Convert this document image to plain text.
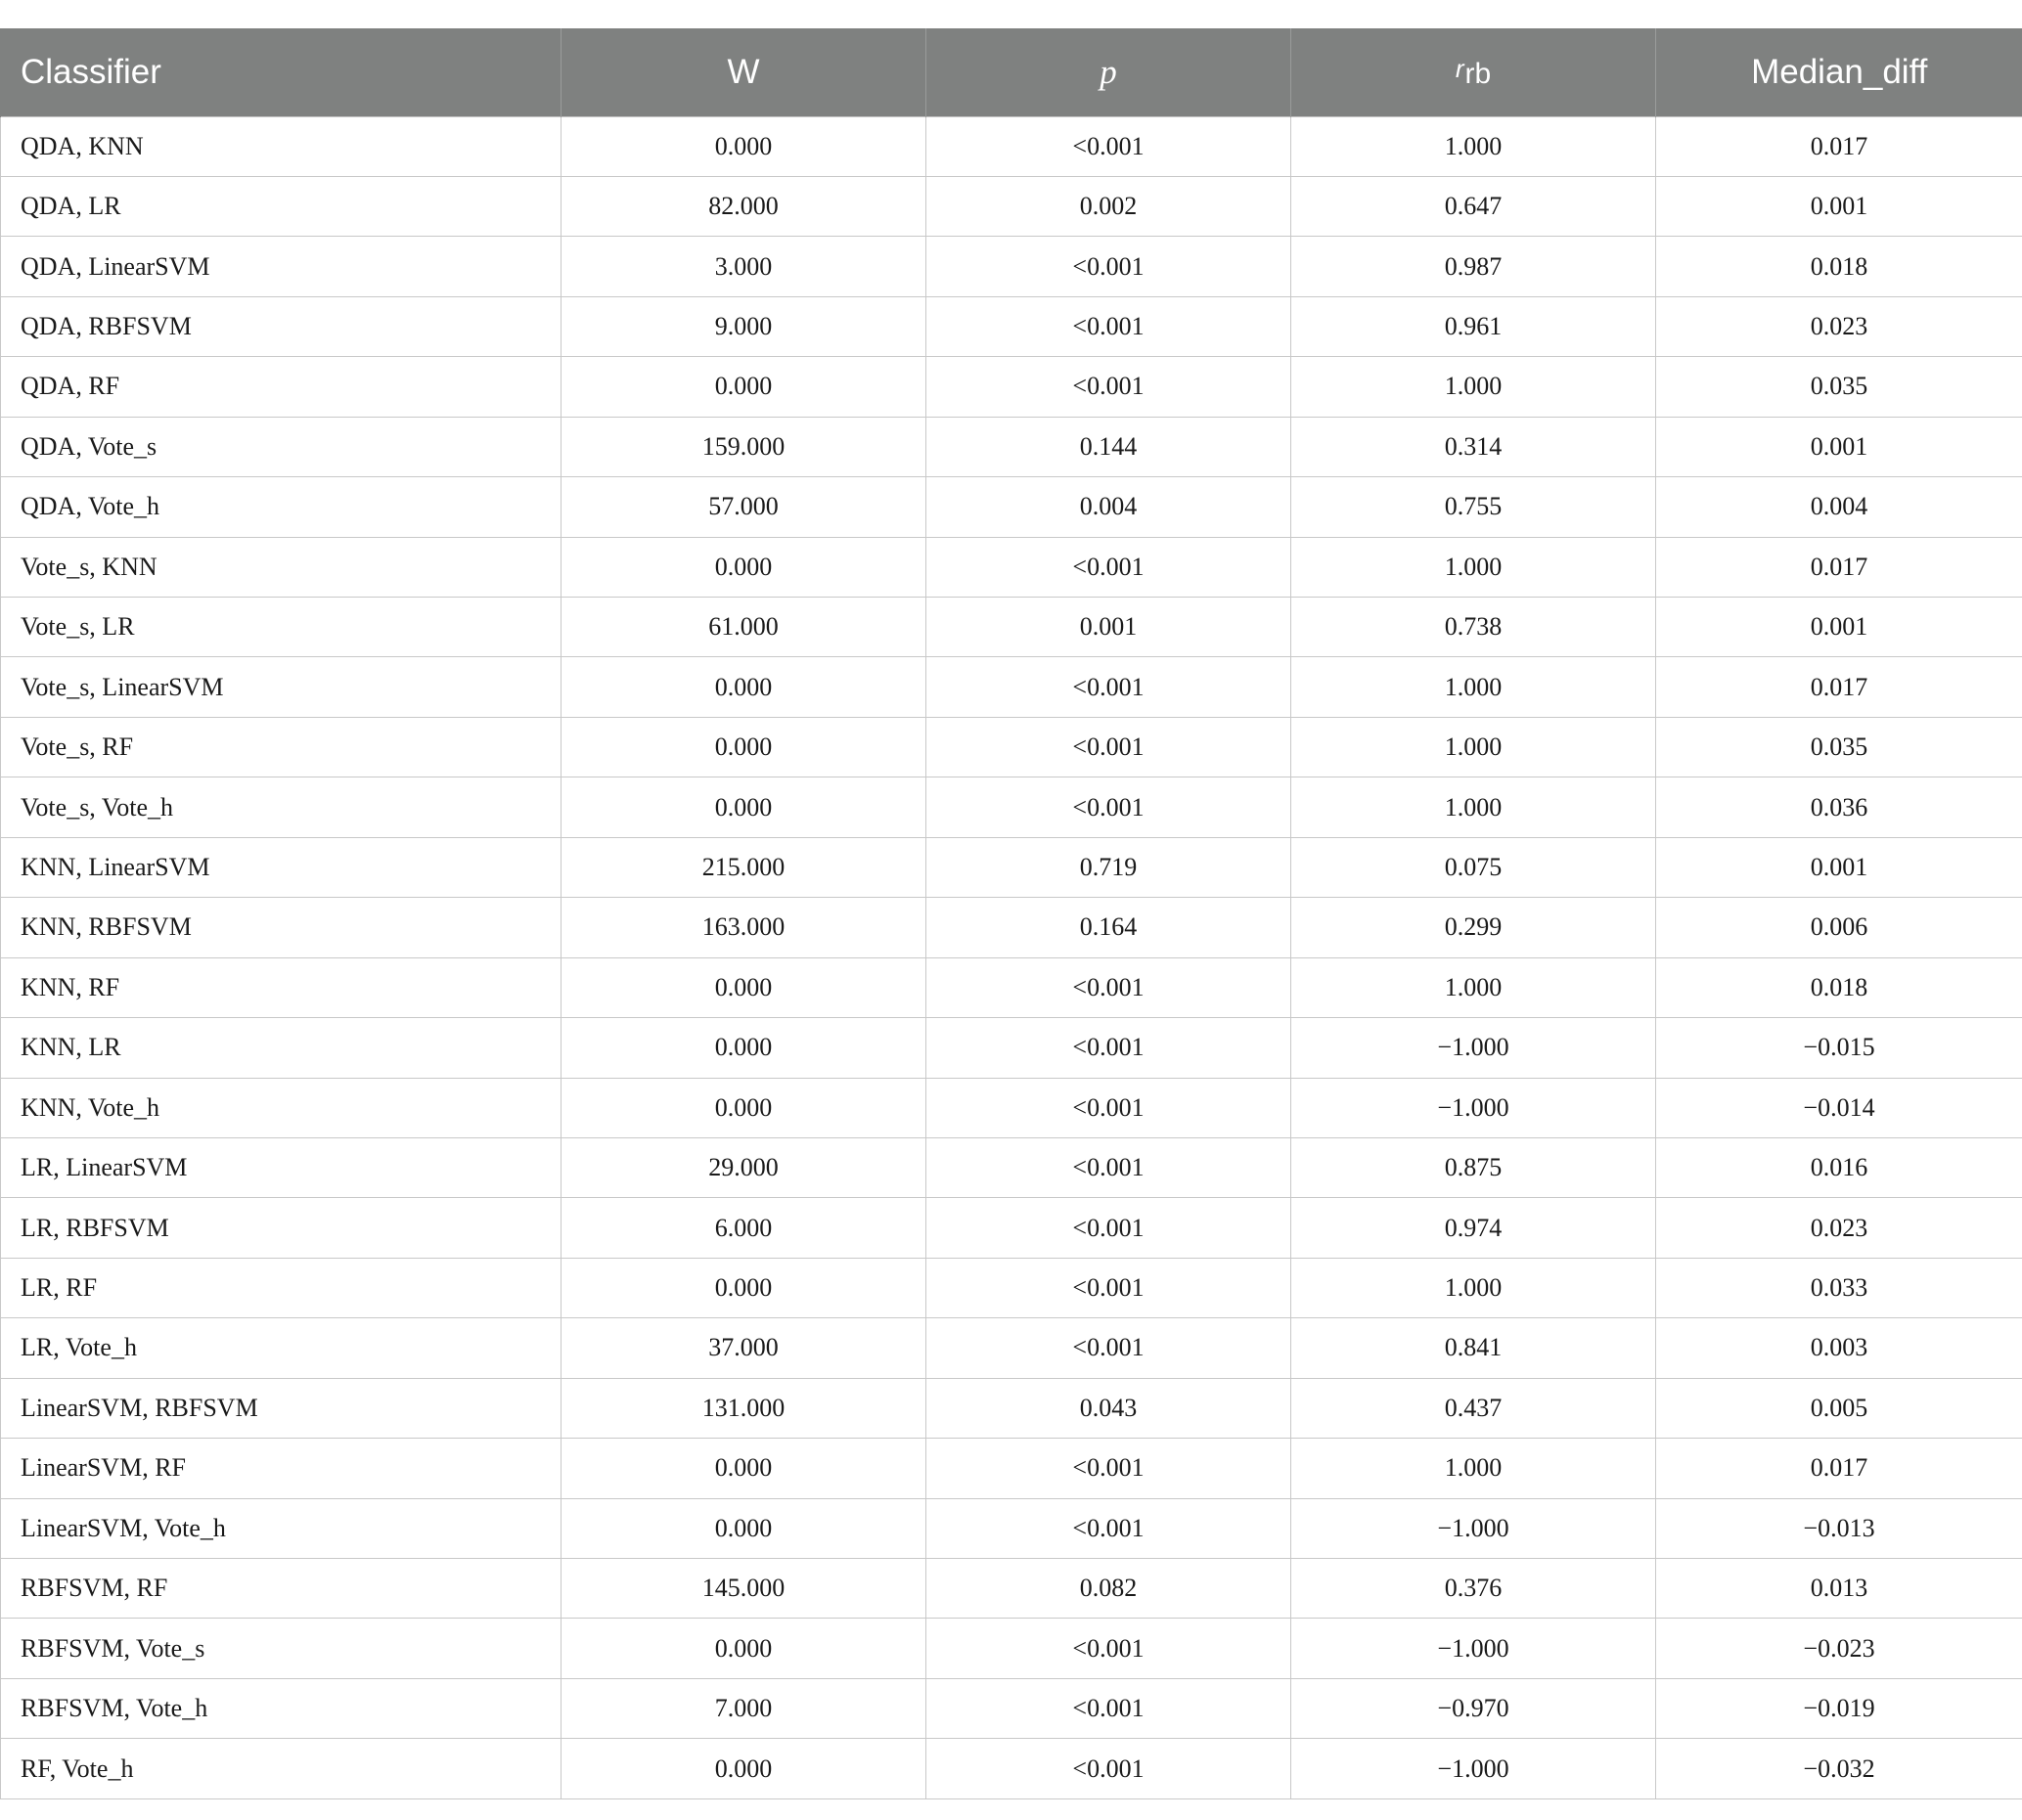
Classifier	W	p	rrb	Median_diff
QDA, KNN	0.000	<0.001	1.000	0.017
QDA, LR	82.000	0.002	0.647	0.001
QDA, LinearSVM	3.000	<0.001	0.987	0.018
QDA, RBFSVM	9.000	<0.001	0.961	0.023
QDA, RF	0.000	<0.001	1.000	0.035
QDA, Vote_s	159.000	0.144	0.314	0.001
QDA, Vote_h	57.000	0.004	0.755	0.004
Vote_s, KNN	0.000	<0.001	1.000	0.017
Vote_s, LR	61.000	0.001	0.738	0.001
Vote_s, LinearSVM	0.000	<0.001	1.000	0.017
Vote_s, RF	0.000	<0.001	1.000	0.035
Vote_s, Vote_h	0.000	<0.001	1.000	0.036
KNN, LinearSVM	215.000	0.719	0.075	0.001
KNN, RBFSVM	163.000	0.164	0.299	0.006
KNN, RF	0.000	<0.001	1.000	0.018
KNN, LR	0.000	<0.001	−1.000	−0.015
KNN, Vote_h	0.000	<0.001	−1.000	−0.014
LR, LinearSVM	29.000	<0.001	0.875	0.016
LR, RBFSVM	6.000	<0.001	0.974	0.023
LR, RF	0.000	<0.001	1.000	0.033
LR, Vote_h	37.000	<0.001	0.841	0.003
LinearSVM, RBFSVM	131.000	0.043	0.437	0.005
LinearSVM, RF	0.000	<0.001	1.000	0.017
LinearSVM, Vote_h	0.000	<0.001	−1.000	−0.013
RBFSVM, RF	145.000	0.082	0.376	0.013
RBFSVM, Vote_s	0.000	<0.001	−1.000	−0.023
RBFSVM, Vote_h	7.000	<0.001	−0.970	−0.019
RF, Vote_h	0.000	<0.001	−1.000	−0.032
